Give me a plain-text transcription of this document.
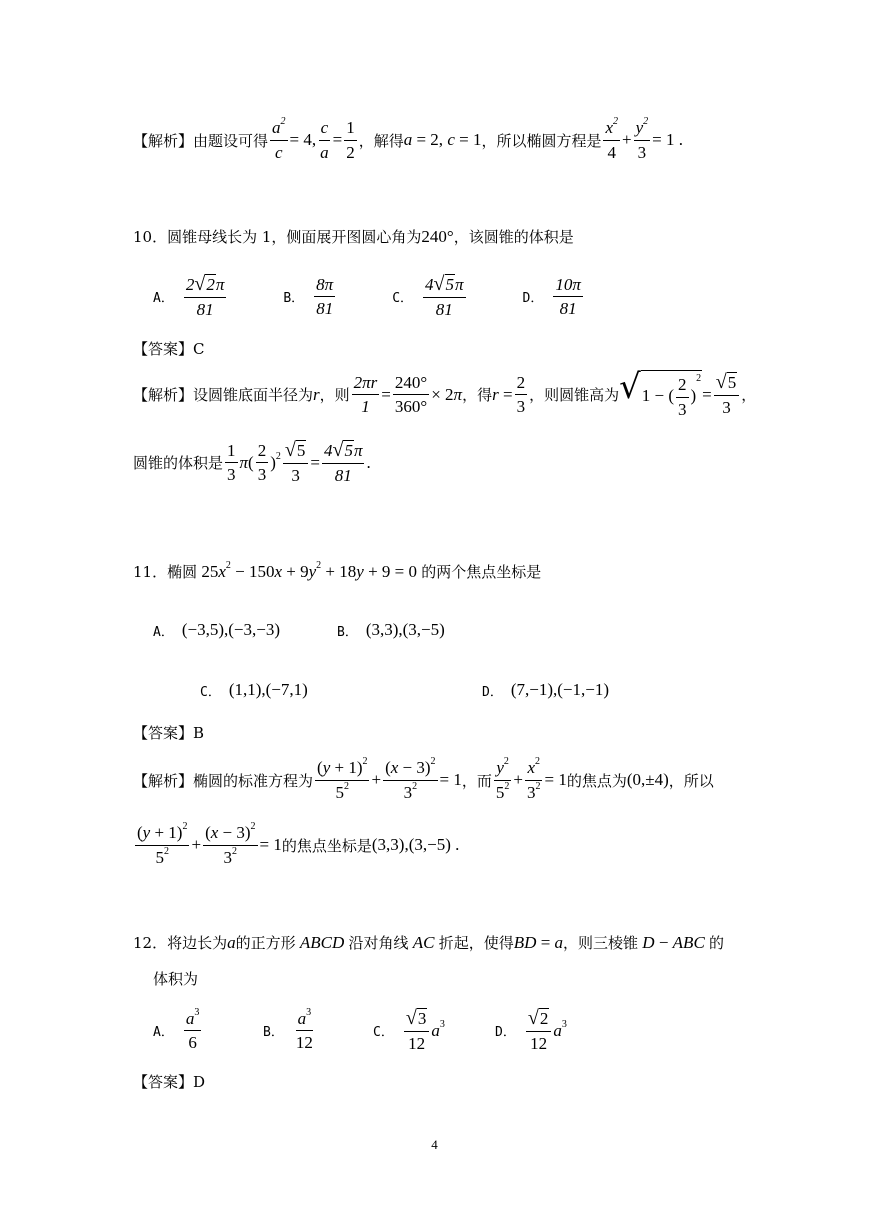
【解析】由题设可得 $\frac{a^2}{c} = 4$, $\frac{c}{a} = \frac{1}{2}$ ，解得 a = 2, c = 1 ，所以椭圆方程是 $\frac{x^2}{4} + \frac{y^2}{3} = 1$ .
10．圆锥母线长为 1，侧面展开图圆心角为 240° ，该圆锥的体积是
A． $\frac{2 √ 2 \pi}{81}$	B． $\frac{8\pi}{81}$	C． $\frac{4 √ 5 \pi}{81}$	D． $\frac{10\pi}{81}$
【答案】C
【解析】设圆锥底面半径为 r ，则 $\frac{2\pi r}{1} = \frac{240^\circ}{360^\circ} \times 2$ π ，得 $r = \frac{2}{3}$ ，则圆锥高为 √ 1 − ( $\frac{2}{3} )^2$
= $\frac{√ 5}{3}$ ，
圆锥的体积是 $\frac{1}{3}$ π ( $\frac{2}{3} )^2 \frac{√ 5}{3} = \frac{4 √ 5 \pi}{81}$ .
11．椭圆 $25x^2 - 150x + 9y^2 + 18y + 9 = 0$ 的两个焦点坐标是
A． (−3,5),(−3,−3)	B． (3,3),(3,−5)
C． (1,1),(−7,1)	D． (7,−1),(−1,−1)
【答案】B
【解析】椭圆的标准方程为 $\frac{(y + 1)^2}{5^2} + \frac{(x - 3)^2}{3^2} = 1$ ，而 $\frac{y^2}{5^2} + \frac{x^2}{3^2} = 1$ 的焦点为 (0,±4) ，所以
$\frac{(y + 1)^2}{5^2} + \frac{(x - 3)^2}{3^2} = 1$ 的焦点坐标是 (3,3),(3,−5) .
12．将边长为 a 的正方形 ABCD 沿对角线 AC 折起，使得 BD = a ，则三棱锥 D − ABC 的
体积为
A． $\frac{a^3}{6}$	B． $\frac{a^3}{12}$	C． $\frac{√ 3}{12}$ a $^3$
D． $\frac{√ 2}{12}$ a $^3$
【答案】D
4
